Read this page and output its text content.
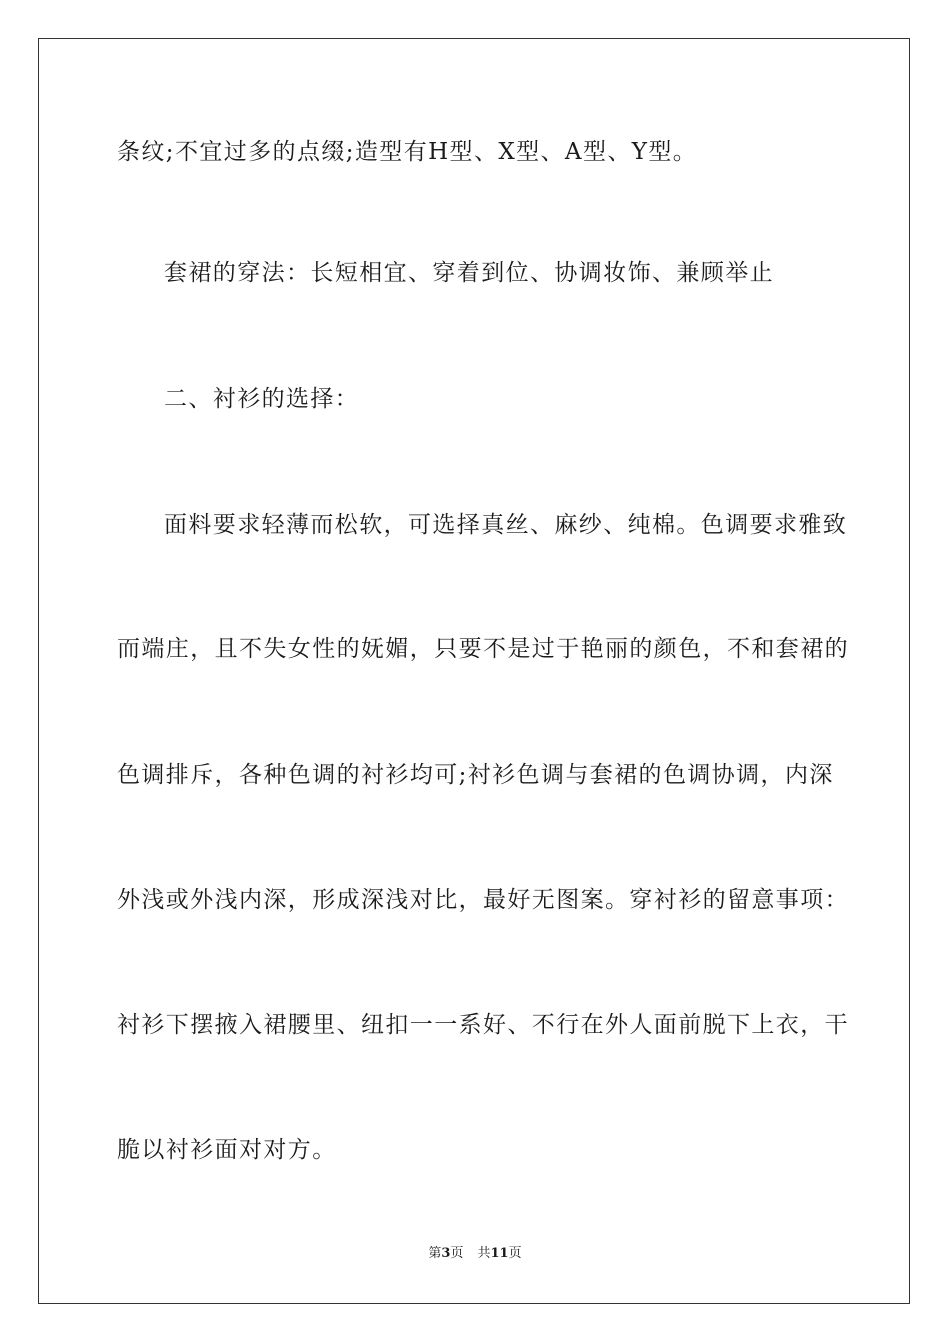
条纹;不宜过多的点缀;造型有H型、X型、A型、Y型。
套裙的穿法：长短相宜、穿着到位、协调妆饰、兼顾举止
二、衬衫的选择：
面料要求轻薄而松软，可选择真丝、麻纱、纯棉。色调要求雅致
而端庄，且不失女性的妩媚，只要不是过于艳丽的颜色，不和套裙的
色调排斥，各种色调的衬衫均可;衬衫色调与套裙的色调协调，内深
外浅或外浅内深，形成深浅对比，最好无图案。穿衬衫的留意事项：
衬衫下摆掖入裙腰里、纽扣一一系好、不行在外人面前脱下上衣，干
脆以衬衫面对对方。
第3页 共11页
